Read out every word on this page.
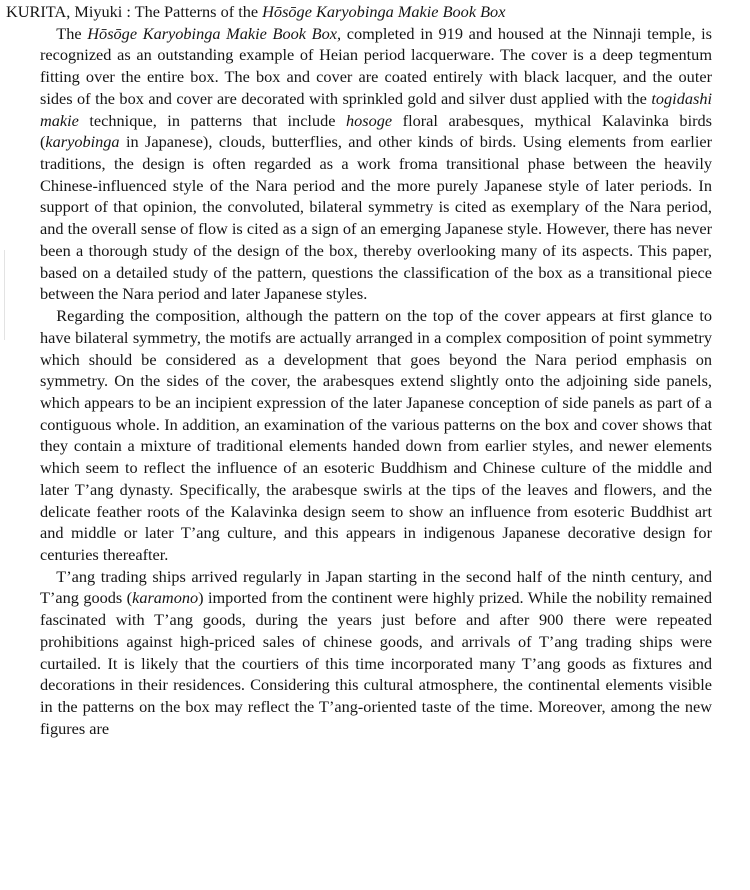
KURITA, Miyuki : The Patterns of the Hōsōge Karyobinga Makie Book Box

The Hōsōge Karyobinga Makie Book Box, completed in 919 and housed at the Ninnaji temple, is recognized as an outstanding example of Heian period lacquerware. The cover is a deep tegmentum fitting over the entire box. The box and cover are coated entirely with black lacquer, and the outer sides of the box and cover are decorated with sprinkled gold and silver dust applied with the togidashi makie technique, in patterns that include hosoge floral arabesques, mythical Kalavinka birds (karyobinga in Japanese), clouds, butterflies, and other kinds of birds. Using elements from earlier traditions, the design is often regarded as a work froma transitional phase between the heavily Chinese-influenced style of the Nara period and the more purely Japanese style of later periods. In support of that opinion, the convoluted, bilateral symmetry is cited as exemplary of the Nara period, and the overall sense of flow is cited as a sign of an emerging Japanese style. However, there has never been a thorough study of the design of the box, thereby overlooking many of its aspects. This paper, based on a detailed study of the pattern, questions the classification of the box as a transitional piece between the Nara period and later Japanese styles.

Regarding the composition, although the pattern on the top of the cover appears at first glance to have bilateral symmetry, the motifs are actually arranged in a complex composition of point symmetry which should be considered as a development that goes beyond the Nara period emphasis on symmetry. On the sides of the cover, the arabesques extend slightly onto the adjoining side panels, which appears to be an incipient expression of the later Japanese conception of side panels as part of a contiguous whole. In addition, an examination of the various patterns on the box and cover shows that they contain a mixture of traditional elements handed down from earlier styles, and newer elements which seem to reflect the influence of an esoteric Buddhism and Chinese culture of the middle and later T’ang dynasty. Specifically, the arabesque swirls at the tips of the leaves and flowers, and the delicate feather roots of the Kalavinka design seem to show an influence from esoteric Buddhist art and middle or later T’ang culture, and this appears in indigenous Japanese decorative design for centuries thereafter.

T’ang trading ships arrived regularly in Japan starting in the second half of the ninth century, and T’ang goods (karamono) imported from the continent were highly prized. While the nobility remained fascinated with T’ang goods, during the years just before and after 900 there were repeated prohibitions against high-priced sales of chinese goods, and arrivals of T’ang trading ships were curtailed. It is likely that the courtiers of this time incorporated many T’ang goods as fixtures and decorations in their residences. Considering this cultural atmosphere, the continental elements visible in the patterns on the box may reflect the T’ang-oriented taste of the time. Moreover, among the new figures are
